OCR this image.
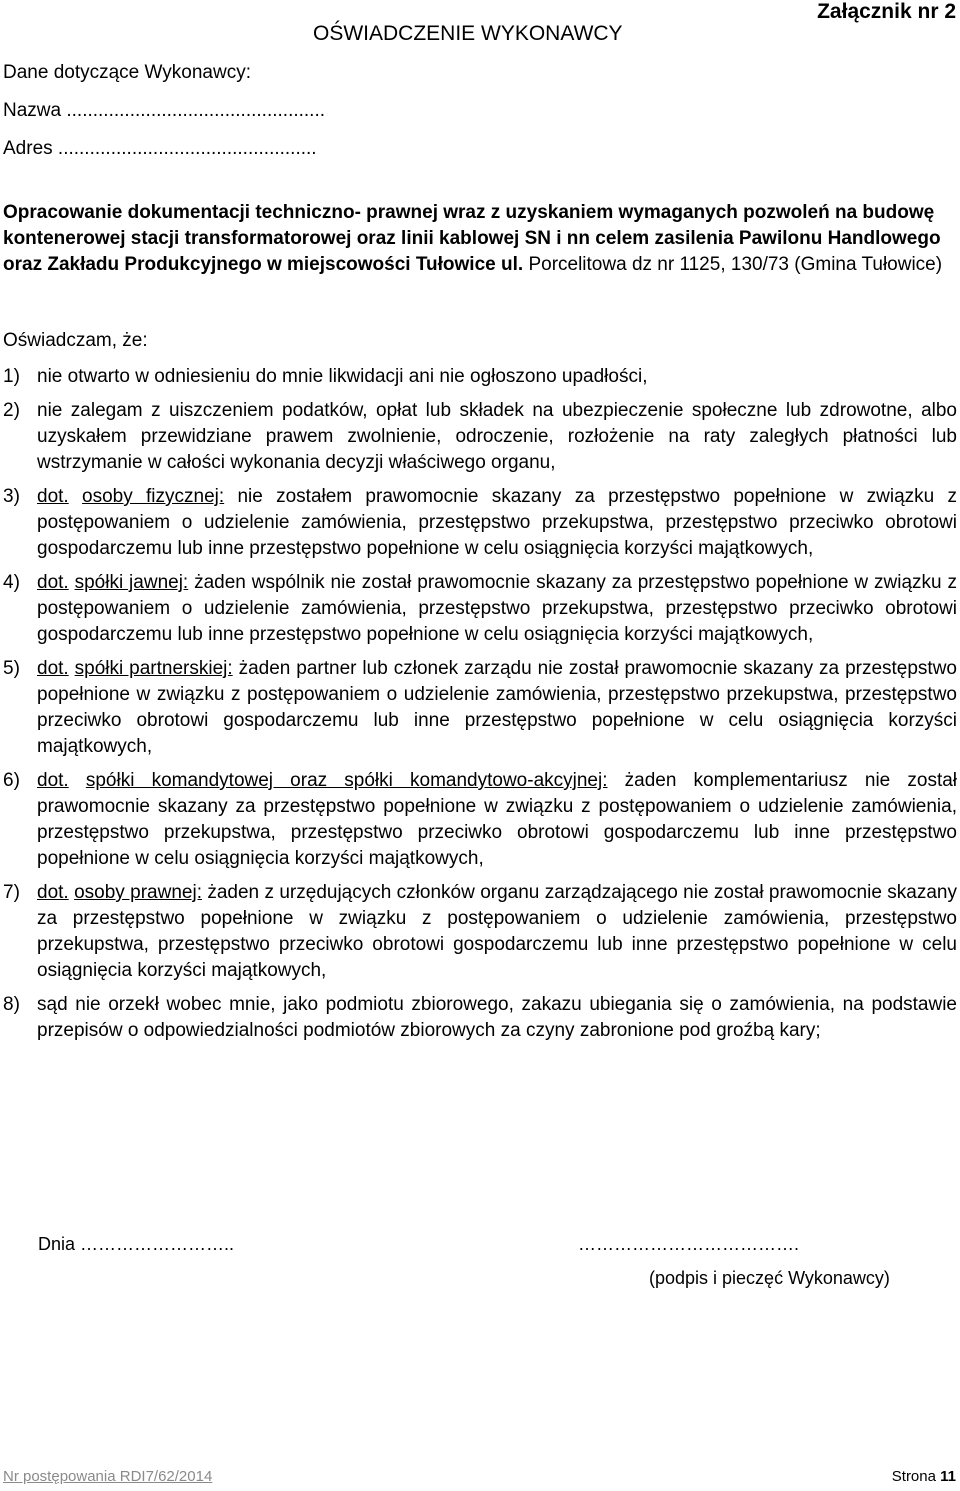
OŚWIADCZENIE WYKONAWCY
Załącznik nr 2
Dane dotyczące Wykonawcy:
Nazwa .................................................
Adres .................................................
Opracowanie dokumentacji techniczno- prawnej wraz z uzyskaniem wymaganych pozwoleń na budowę kontenerowej stacji transformatorowej oraz linii kablowej SN i nn celem zasilenia Pawilonu Handlowego oraz Zakładu Produkcyjnego w miejscowości Tułowice ul. Porcelitowa dz nr 1125, 130/73 (Gmina Tułowice)
Oświadczam, że:
1) nie otwarto w odniesieniu do mnie likwidacji ani nie ogłoszono upadłości,
2) nie zalegam z uiszczeniem podatków, opłat lub składek na ubezpieczenie społeczne lub zdrowotne, albo uzyskałem przewidziane prawem zwolnienie, odroczenie, rozłożenie na raty zaległych płatności lub wstrzymanie w całości wykonania decyzji właściwego organu,
3) dot. osoby fizycznej: nie zostałem prawomocnie skazany za przestępstwo popełnione w związku z postępowaniem o udzielenie zamówienia, przestępstwo przekupstwa, przestępstwo przeciwko obrotowi gospodarczemu lub inne przestępstwo popełnione w celu osiągnięcia korzyści majątkowych,
4) dot. spółki jawnej: żaden wspólnik nie został prawomocnie skazany za przestępstwo popełnione w związku z postępowaniem o udzielenie zamówienia, przestępstwo przekupstwa, przestępstwo przeciwko obrotowi gospodarczemu lub inne przestępstwo popełnione w celu osiągnięcia korzyści majątkowych,
5) dot. spółki partnerskiej: żaden partner lub członek zarządu nie został prawomocnie skazany za przestępstwo popełnione w związku z postępowaniem o udzielenie zamówienia, przestępstwo przekupstwa, przestępstwo przeciwko obrotowi gospodarczemu lub inne przestępstwo popełnione w celu osiągnięcia korzyści majątkowych,
6) dot. spółki komandytowej oraz spółki komandytowo-akcyjnej: żaden komplementariusz nie został prawomocnie skazany za przestępstwo popełnione w związku z postępowaniem o udzielenie zamówienia, przestępstwo przekupstwa, przestępstwo przeciwko obrotowi gospodarczemu lub inne przestępstwo popełnione w celu osiągnięcia korzyści majątkowych,
7) dot. osoby prawnej: żaden z urzędujących członków organu zarządzającego nie został prawomocnie skazany za przestępstwo popełnione w związku z postępowaniem o udzielenie zamówienia, przestępstwo przekupstwa, przestępstwo przeciwko obrotowi gospodarczemu lub inne przestępstwo popełnione w celu osiągnięcia korzyści majątkowych,
8) sąd nie orzekł wobec mnie, jako podmiotu zbiorowego, zakazu ubiegania się o zamówienia, na podstawie przepisów o odpowiedzialności podmiotów zbiorowych za czyny zabronione pod groźbą kary;
Dnia ……………………..	……………………………….
(podpis i pieczęć Wykonawcy)
Nr postępowania RDI7/62/2014	Strona 11
